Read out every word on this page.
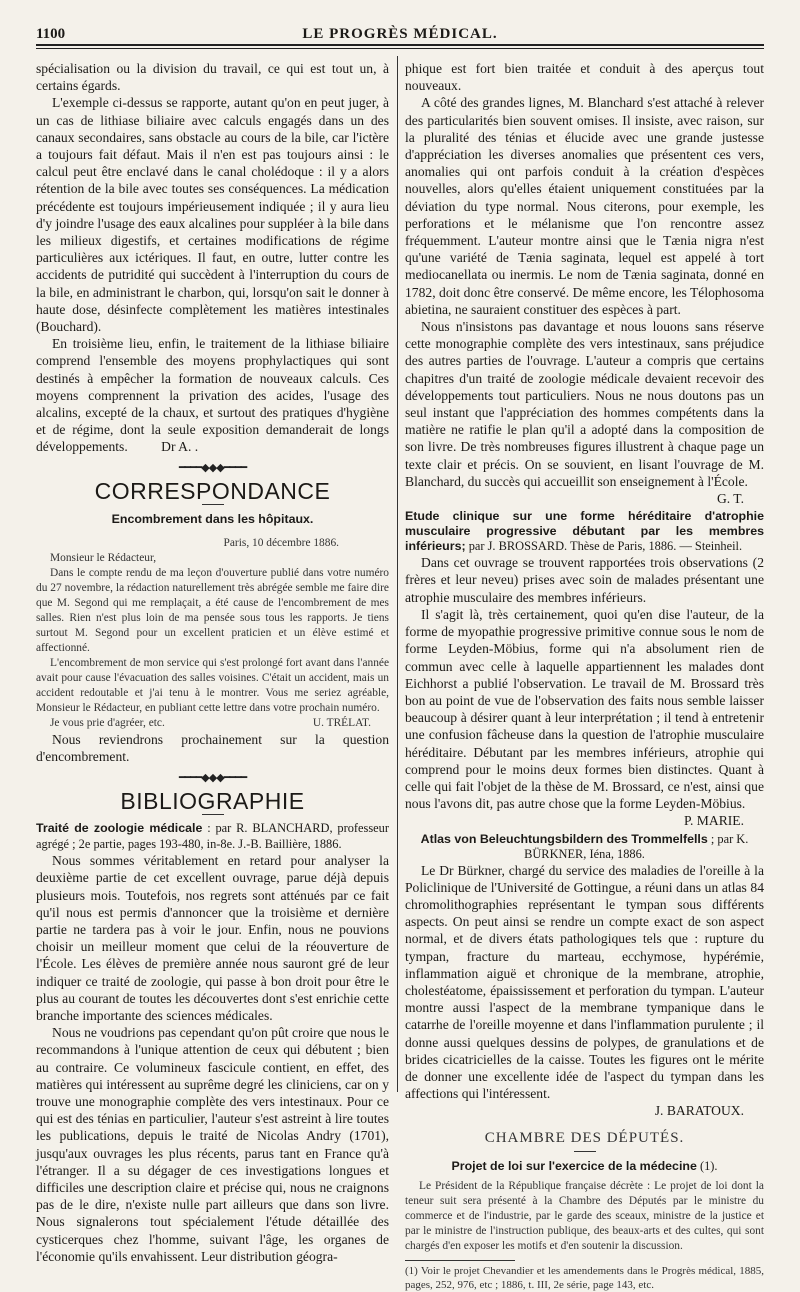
1100	LE PROGRÈS MÉDICAL.

spécialisation ou la division du travail, ce qui est tout un, à certains égards.

L'exemple ci-dessus se rapporte, autant qu'on en peut juger, à un cas de lithiase biliaire avec calculs engagés dans un des canaux secondaires, sans obstacle au cours de la bile, car l'ictère a toujours fait défaut. Mais il n'en est pas toujours ainsi : le calcul peut être enclavé dans le canal cholédoque : il y a alors rétention de la bile avec toutes ses conséquences. La médication précédente est toujours impérieusement indiquée ; il y aura lieu d'y joindre l'usage des eaux alcalines pour suppléer à la bile dans les milieux digestifs, et certaines modifications de régime particulières aux ictériques. Il faut, en outre, lutter contre les accidents de putridité qui succèdent à l'interruption du cours de la bile, en administrant le charbon, qui, lorsqu'on sait le donner à haute dose, désinfecte complètement les matières intestinales (Bouchard).

En troisième lieu, enfin, le traitement de la lithiase biliaire comprend l'ensemble des moyens prophylactiques qui sont destinés à empêcher la formation de nouveaux calculs. Ces moyens comprennent la privation des acides, l'usage des alcalins, excepté de la chaux, et surtout des pratiques d'hygiène et de régime, dont la seule exposition demanderait de longs développements. Dr A. .

━━━━◆◆◆━━━━
CORRESPONDANCE
Encombrement dans les hôpitaux.
Paris, 10 décembre 1886.

Monsieur le Rédacteur,

Dans le compte rendu de ma leçon d'ouverture publié dans votre numéro du 27 novembre, la rédaction naturellement très abrégée semble me faire dire que M. Segond qui me remplaçait, a été cause de l'encombrement de mes salles. Rien n'est plus loin de ma pensée sous tous les rapports. Je tiens surtout M. Segond pour un excellent praticien et un élève estimé et affectionné.

L'encombrement de mon service qui s'est prolongé fort avant dans l'année avait pour cause l'évacuation des salles voisines. C'était un accident, mais un accident redoutable et j'ai tenu à le montrer. Vous me seriez agréable, Monsieur le Rédacteur, en publiant cette lettre dans votre prochain numéro.

Je vous prie d'agréer, etc.	U. TRÉLAT.

Nous reviendrons prochainement sur la question d'encombrement.

━━━━◆◆◆━━━━
BIBLIOGRAPHIE

Traité de zoologie médicale : par R. BLANCHARD, professeur agrégé ; 2e partie, pages 193-480, in-8e. J.-B. Baillière, 1886.

Nous sommes véritablement en retard pour analyser la deuxième partie de cet excellent ouvrage, parue déjà depuis plusieurs mois. Toutefois, nos regrets sont atténués par ce fait qu'il nous est permis d'annoncer que la troisième et dernière partie ne tardera pas à voir le jour. Enfin, nous ne pouvions choisir un meilleur moment que celui de la réouverture de l'École. Les élèves de première année nous sauront gré de leur indiquer ce traité de zoologie, qui passe à bon droit pour être le plus au courant de toutes les découvertes dont s'est enrichie cette branche importante des sciences médicales.

Nous ne voudrions pas cependant qu'on pût croire que nous le recommandons à l'unique attention de ceux qui débutent ; bien au contraire. Ce volumineux fascicule contient, en effet, des matières qui intéressent au suprême degré les cliniciens, car on y trouve une monographie complète des vers intestinaux. Pour ce qui est des ténias en particulier, l'auteur s'est astreint à lire toutes les publications, depuis le traité de Nicolas Andry (1701), jusqu'aux ouvrages les plus récents, parus tant en France qu'à l'étranger. Il a su dégager de ces investigations longues et difficiles une description claire et précise qui, nous ne craignons pas de le dire, n'existe nulle part ailleurs que dans son livre. Nous signalerons tout spécialement l'étude détaillée des cysticerques chez l'homme, suivant l'âge, les organes de l'économie qu'ils envahissent. Leur distribution géogra-

phique est fort bien traitée et conduit à des aperçus tout nouveaux.

A côté des grandes lignes, M. Blanchard s'est attaché à relever des particularités bien souvent omises. Il insiste, avec raison, sur la pluralité des ténias et élucide avec une grande justesse d'appréciation les diverses anomalies que présentent ces vers, anomalies qui ont parfois conduit à la création d'espèces nouvelles, alors qu'elles étaient uniquement constituées par la déviation du type normal. Nous citerons, pour exemple, les perforations et le mélanisme que l'on rencontre assez fréquemment. L'auteur montre ainsi que le Tænia nigra n'est qu'une variété de Tænia saginata, lequel est appelé à tort mediocanellata ou inermis. Le nom de Tænia saginata, donné en 1782, doit donc être conservé. De même encore, les Télophosoma abietina, ne sauraient constituer des espèces à part.

Nous n'insistons pas davantage et nous louons sans réserve cette monographie complète des vers intestinaux, sans préjudice des autres parties de l'ouvrage. L'auteur a compris que certains chapitres d'un traité de zoologie médicale devaient recevoir des développements tout particuliers. Nous ne nous doutons pas un seul instant que l'appréciation des hommes compétents dans la matière ne ratifie le plan qu'il a adopté dans la composition de son livre. De très nombreuses figures illustrent à chaque page un texte clair et précis. On se souvient, en lisant l'ouvrage de M. Blanchard, du succès qui accueillit son enseignement à l'École.

G. T.

Etude clinique sur une forme héréditaire d'atrophie musculaire progressive débutant par les membres inférieurs; par J. BROSSARD. Thèse de Paris, 1886. — Steinheil.

Dans cet ouvrage se trouvent rapportées trois observations (2 frères et leur neveu) prises avec soin de malades présentant une atrophie musculaire des membres inférieurs.

Il s'agit là, très certainement, quoi qu'en dise l'auteur, de la forme de myopathie progressive primitive connue sous le nom de forme Leyden-Möbius, forme qui n'a absolument rien de commun avec celle à laquelle appartiennent les malades dont Eichhorst a publié l'observation. Le travail de M. Brossard très bon au point de vue de l'observation des faits nous semble laisser beaucoup à désirer quant à leur interprétation ; il tend à entretenir une confusion fâcheuse dans la question de l'atrophie musculaire héréditaire. Débutant par les membres inférieurs, atrophie qui comprend pour le moins deux formes bien distinctes. Quant à celle qui fait l'objet de la thèse de M. Brossard, ce n'est, ainsi que nous l'avons dit, pas autre chose que la forme Leyden-Möbius.

P. MARIE.

Atlas von Beleuchtungsbildern des Trommelfells ; par K. BÜRKNER, Iéna, 1886.

Le Dr Bürkner, chargé du service des maladies de l'oreille à la Policlinique de l'Université de Gottingue, a réuni dans un atlas 84 chromolithographies représentant le tympan sous différents aspects. On peut ainsi se rendre un compte exact de son aspect normal, et de divers états pathologiques tels que : rupture du tympan, fracture du marteau, ecchymose, hypérémie, inflammation aiguë et chronique de la membrane, atrophie, cholestéatome, épaississement et perforation du tympan. L'auteur montre aussi l'aspect de la membrane tympanique dans le catarrhe de l'oreille moyenne et dans l'inflammation purulente ; il donne aussi quelques dessins de polypes, de granulations et de brides cicatricielles de la caisse. Toutes les figures ont le mérite de donner une excellente idée de l'aspect du tympan dans les affections qui l'intéressent.

J. BARATOUX.
CHAMBRE DES DÉPUTÉS.
Projet de loi sur l'exercice de la médecine (1).

Le Président de la République française décrète : Le projet de loi dont la teneur suit sera présenté à la Chambre des Députés par le ministre du commerce et de l'industrie, par le garde des sceaux, ministre de la justice et par le ministre de l'instruction publique, des beaux-arts et des cultes, qui sont chargés d'en exposer les motifs et d'en soutenir la discussion.

(1) Voir le projet Chevandier et les amendements dans le Progrès médical, 1885, pages, 252, 976, etc ; 1886, t. III, 2e série, page 143, etc.
